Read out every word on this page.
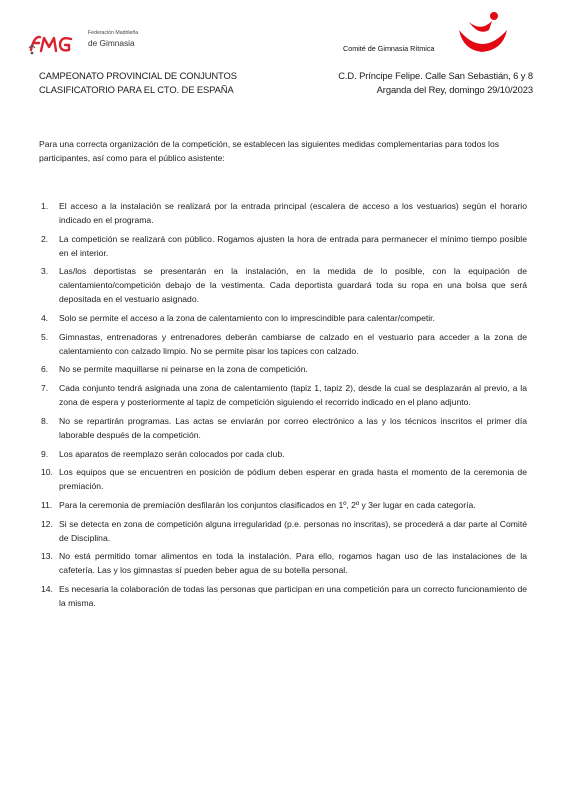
Federación Madrileña
de Gimnasia
Comité de Gimnasia Rítmica
CAMPEONATO PROVINCIAL DE CONJUNTOS
CLASIFICATORIO PARA EL CTO. DE ESPAÑA
C.D. Príncipe Felipe. Calle San Sebastián, 6 y 8
Arganda del Rey, domingo 29/10/2023

Para una correcta organización de la competición, se establecen las siguientes medidas complementarias para todos los participantes, así como para el público asistente:

1. El acceso a la instalación se realizará por la entrada principal (escalera de acceso a los vestuarios) según el horario indicado en el programa.
2. La competición se realizará con público. Rogamos ajusten la hora de entrada para permanecer el mínimo tiempo posible en el interior.
3. Las/los deportistas se presentarán en la instalación, en la medida de lo posible, con la equipación de calentamiento/competición debajo de la vestimenta. Cada deportista guardará toda su ropa en una bolsa que será depositada en el vestuario asignado.
4. Solo se permite el acceso a la zona de calentamiento con lo imprescindible para calentar/competir.
5. Gimnastas, entrenadoras y entrenadores deberán cambiarse de calzado en el vestuario para acceder a la zona de calentamiento con calzado limpio. No se permite pisar los tapices con calzado.
6. No se permite maquillarse ni peinarse en la zona de competición.
7. Cada conjunto tendrá asignada una zona de calentamiento (tapiz 1, tapiz 2), desde la cual se desplazarán al previo, a la zona de espera y posteriormente al tapiz de competición siguiendo el recorrido indicado en el plano adjunto.
8. No se repartirán programas. Las actas se enviarán por correo electrónico a las y los técnicos inscritos el primer día laborable después de la competición.
9. Los aparatos de reemplazo serán colocados por cada club.
10. Los equipos que se encuentren en posición de pódium deben esperar en grada hasta el momento de la ceremonia de premiación.
11. Para la ceremonia de premiación desfilarán los conjuntos clasificados en 1º, 2º y 3er lugar en cada categoría.
12. Si se detecta en zona de competición alguna irregularidad (p.e. personas no inscritas), se procederá a dar parte al Comité de Disciplina.
13. No está permitido tomar alimentos en toda la instalación. Para ello, rogamos hagan uso de las instalaciones de la cafetería. Las y los gimnastas sí pueden beber agua de su botella personal.
14. Es necesaria la colaboración de todas las personas que participan en una competición para un correcto funcionamiento de la misma.
